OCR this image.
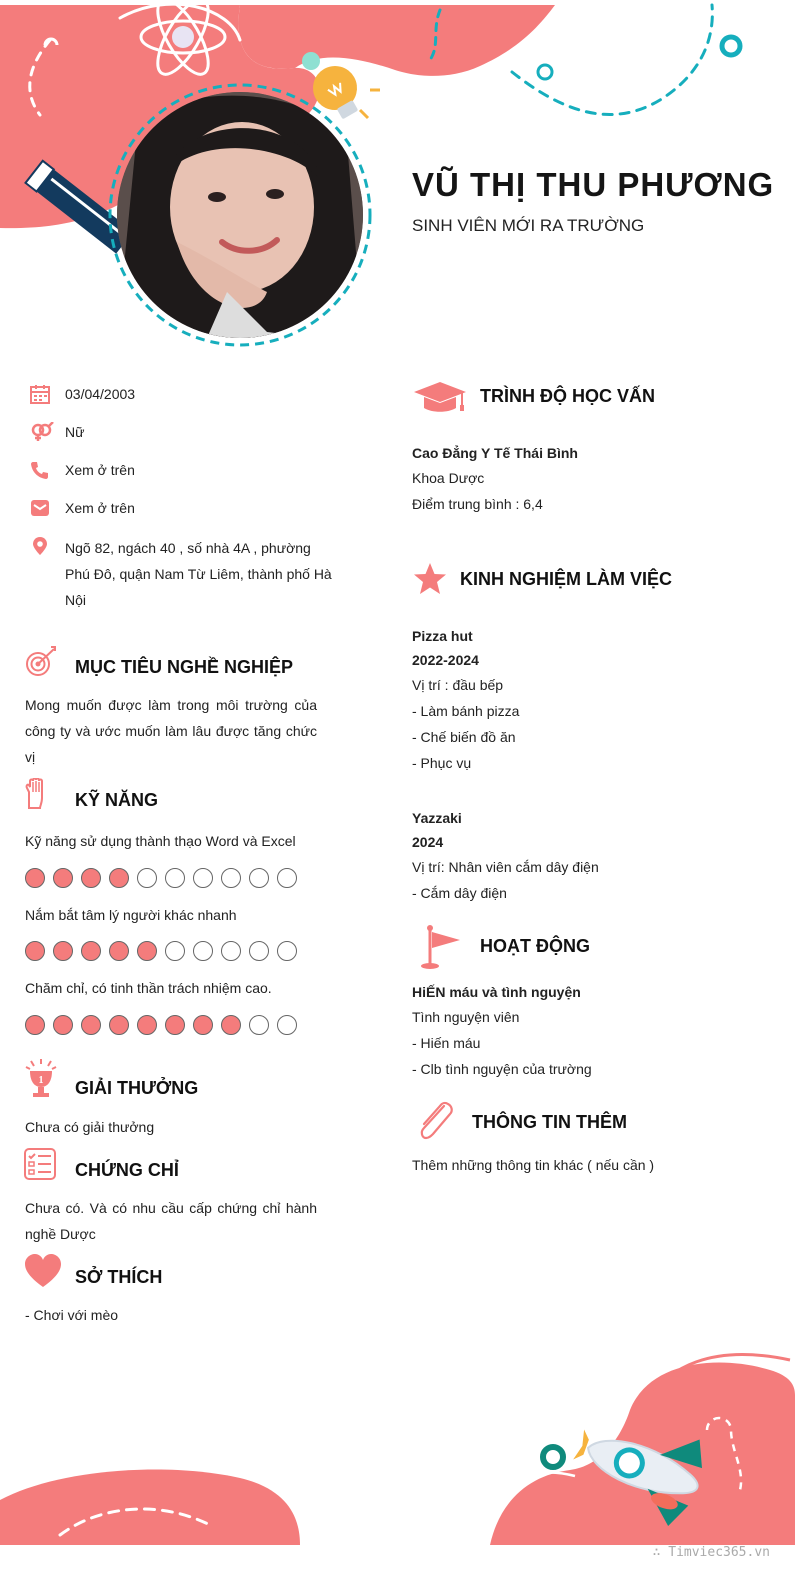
VŨ THỊ THU PHƯƠNG
SINH VIÊN MỚI RA TRƯỜNG
03/04/2003
Nữ
Xem ở trên
Xem ở trên
Ngõ 82, ngách 40 , số nhà 4A , phường Phú Đô, quận Nam Từ Liêm, thành phố Hà Nội
MỤC TIÊU NGHỀ NGHIỆP
Mong muốn được làm trong môi trường của công ty và ước muốn làm lâu được tăng chức vị
KỸ NĂNG
Kỹ năng sử dụng thành thạo Word và Excel
Nắm bắt tâm lý người khác nhanh
Chăm chỉ, có tinh thần trách nhiệm cao.
1 GIẢI THƯỞNG
Chưa có giải thưởng
CHỨNG CHỈ
Chưa có. Và có nhu cầu cấp chứng chỉ hành nghề Dược
SỞ THÍCH
- Chơi với mèo
TRÌNH ĐỘ HỌC VẤN
Cao Đẳng Y Tế Thái Bình
Khoa Dược
Điểm trung bình : 6,4
KINH NGHIỆM LÀM VIỆC
Pizza hut
2022-2024
Vị trí : đầu bếp
- Làm bánh pizza
- Chế biến đồ ăn
- Phục vụ
Yazzaki
2024
Vị trí: Nhân viên cắm dây điện
- Cắm dây điện
HOẠT ĐỘNG
HiẾN máu và tình nguyện
Tình nguyện viên
- Hiến máu
- Clb tình nguyện của trường
THÔNG TIN THÊM
Thêm những thông tin khác ( nếu cần )
∴ Timviec365.vn
